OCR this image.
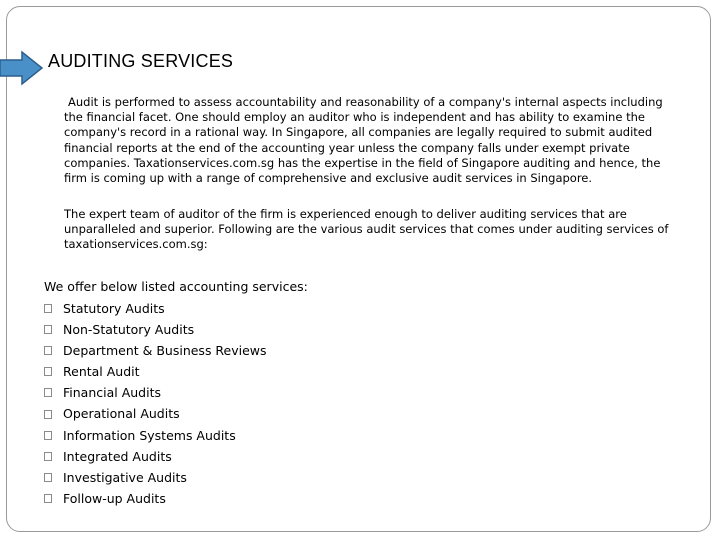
AUDITING SERVICES
Audit is performed to assess accountability and reasonability of a company's internal aspects including the financial facet. One should employ an auditor who is independent and has ability to examine the company's record in a rational way. In Singapore, all companies are legally required to submit audited financial reports at the end of the accounting year unless the company falls under exempt private companies. Taxationservices.com.sg has the expertise in the field of Singapore auditing and hence, the firm is coming up with a range of comprehensive and exclusive audit services in Singapore.
The expert team of auditor of the firm is experienced enough to deliver auditing services that are unparalleled and superior. Following are the various audit services that comes under auditing services of taxationservices.com.sg:
We offer below listed accounting services:
Statutory Audits
Non-Statutory Audits
Department & Business Reviews
Rental Audit
Financial Audits
Operational Audits
Information Systems Audits
Integrated Audits
Investigative Audits
Follow-up Audits
